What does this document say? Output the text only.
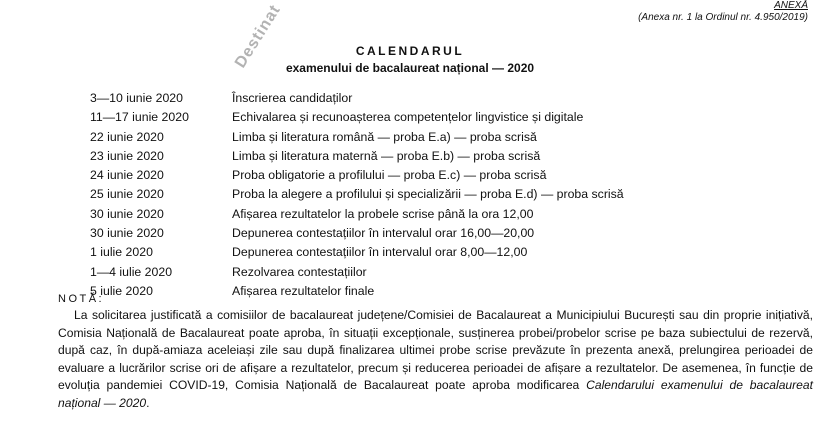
ANEXĂ
(Anexa nr. 1 la Ordinul nr. 4.950/2019)
Destinat	CALENDARUL
examenului de bacalaureat național — 2020
3—10 iunie 2020	Înscrierea candidaților
11—17 iunie 2020	Echivalarea și recunoașterea competențelor lingvistice și digitale
22 iunie 2020	Limba și literatura română — proba E.a) — proba scrisă
23 iunie 2020	Limba și literatura maternă — proba E.b) — proba scrisă
24 iunie 2020	Proba obligatorie a profilului — proba E.c) — proba scrisă
25 iunie 2020	Proba la alegere a profilului și specializării — proba E.d) — proba scrisă
30 iunie 2020	Afișarea rezultatelor la probele scrise până la ora 12,00
30 iunie 2020	Depunerea contestațiilor în intervalul orar 16,00—20,00
1 iulie 2020	Depunerea contestațiilor în intervalul orar 8,00—12,00
1—4 iulie 2020	Rezolvarea contestațiilor
5 iulie 2020	Afișarea rezultatelor finale
NOTĂ:
La solicitarea justificată a comisiilor de bacalaureat județene/Comisiei de Bacalaureat a Municipiului București sau din proprie inițiativă, Comisia Națională de Bacalaureat poate aproba, în situații excepționale, susținerea probei/probelor scrise pe baza subiectului de rezervă, după caz, în după-amiaza aceleiași zile sau după finalizarea ultimei probe scrise prevăzute în prezenta anexă, prelungirea perioadei de evaluare a lucrărilor scrise ori de afișare a rezultatelor, precum și reducerea perioadei de afișare a rezultatelor. De asemenea, în funcție de evoluția pandemiei COVID-19, Comisia Națională de Bacalaureat poate aproba modificarea Calendarului examenului de bacalaureat național — 2020.
